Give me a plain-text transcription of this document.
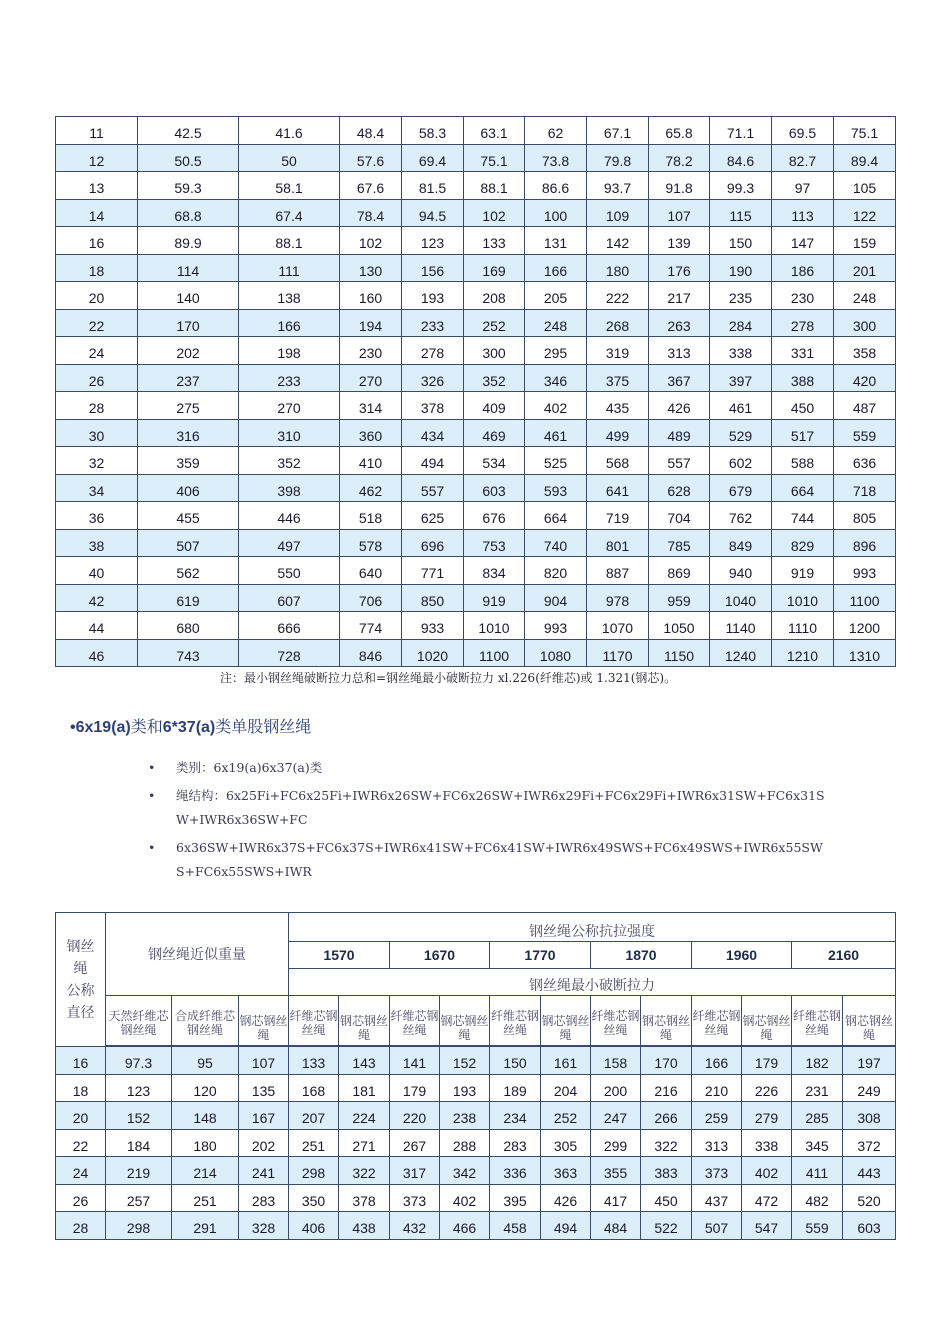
11	42.5	41.6	48.4	58.3	63.1	62	67.1	65.8	71.1	69.5	75.1
12	50.5	50	57.6	69.4	75.1	73.8	79.8	78.2	84.6	82.7	89.4
13	59.3	58.1	67.6	81.5	88.1	86.6	93.7	91.8	99.3	97	105
14	68.8	67.4	78.4	94.5	102	100	109	107	115	113	122
16	89.9	88.1	102	123	133	131	142	139	150	147	159
18	114	111	130	156	169	166	180	176	190	186	201
20	140	138	160	193	208	205	222	217	235	230	248
22	170	166	194	233	252	248	268	263	284	278	300
24	202	198	230	278	300	295	319	313	338	331	358
26	237	233	270	326	352	346	375	367	397	388	420
28	275	270	314	378	409	402	435	426	461	450	487
30	316	310	360	434	469	461	499	489	529	517	559
32	359	352	410	494	534	525	568	557	602	588	636
34	406	398	462	557	603	593	641	628	679	664	718
36	455	446	518	625	676	664	719	704	762	744	805
38	507	497	578	696	753	740	801	785	849	829	896
40	562	550	640	771	834	820	887	869	940	919	993
42	619	607	706	850	919	904	978	959	1040	1010	1100
44	680	666	774	933	1010	993	1070	1050	1140	1110	1200
46	743	728	846	1020	1100	1080	1170	1150	1240	1210	1310
注：最小钢丝绳破断拉力总和=钢丝绳最小破断拉力 xl.226(纤维芯)或 1.321(钢芯)。
•6x19(a)类和6*37(a)类单股钢丝绳
• 类别：6x19(a)6x37(a)类
• 绳结构：6x25Fi+FC6x25Fi+IWR6x26SW+FC6x26SW+IWR6x29Fi+FC6x29Fi+IWR6x31SW+FC6x31SW+IWR6x36SW+FC
• 6x36SW+IWR6x37S+FC6x37S+IWR6x41SW+FC6x41SW+IWR6x49SWS+FC6x49SWS+IWR6x55SWS+FC6x55SWS+IWR
钢丝绳
公称
直径	钢丝绳近似重量			钢丝绳公称抗拉强度											
				1570		1670		1770		1870		1960		2160	
				钢丝绳最小破断拉力											

	天然纤维芯钢丝绳	合成纤维芯钢丝绳	钢芯钢丝绳	纤维芯钢丝绳	钢芯钢丝绳	纤维芯钢丝绳	钢芯钢丝绳	纤维芯钢丝绳	钢芯钢丝绳	纤维芯钢丝绳	钢芯钢丝绳	纤维芯钢丝绳	钢芯钢丝绳	纤维芯钢丝绳	钢芯钢丝绳

16	97.3	95	107	133	143	141	152	150	161	158	170	166	179	182	197
18	123	120	135	168	181	179	193	189	204	200	216	210	226	231	249
20	152	148	167	207	224	220	238	234	252	247	266	259	279	285	308
22	184	180	202	251	271	267	288	283	305	299	322	313	338	345	372
24	219	214	241	298	322	317	342	336	363	355	383	373	402	411	443
26	257	251	283	350	378	373	402	395	426	417	450	437	472	482	520
28	298	291	328	406	438	432	466	458	494	484	522	507	547	559	603
